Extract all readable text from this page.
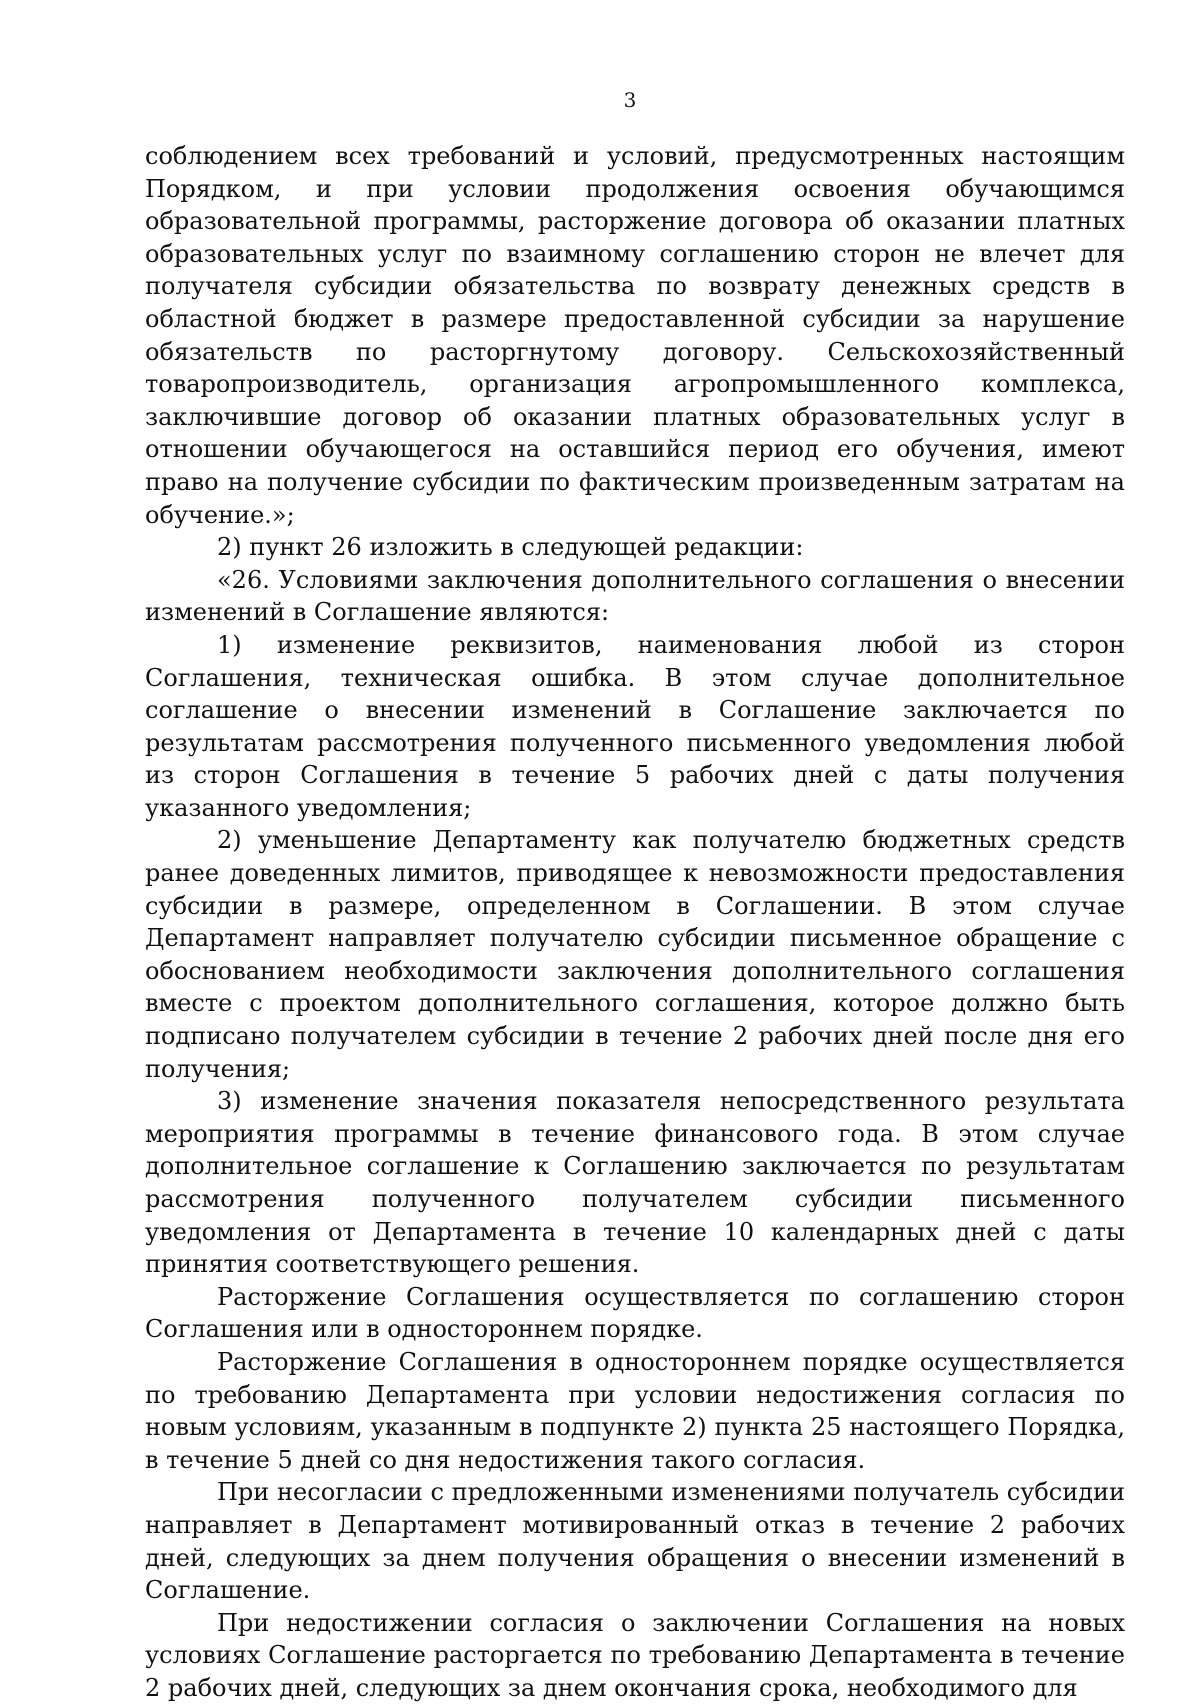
3

соблюдением всех требований и условий, предусмотренных настоящим Порядком, и при условии продолжения освоения обучающимся образовательной программы, расторжение договора об оказании платных образовательных услуг по взаимному соглашению сторон не влечет для получателя субсидии обязательства по возврату денежных средств в областной бюджет в размере предоставленной субсидии за нарушение обязательств по расторгнутому договору. Сельскохозяйственный товаропроизводитель, организация агропромышленного комплекса, заключившие договор об оказании платных образовательных услуг в отношении обучающегося на оставшийся период его обучения, имеют право на получение субсидии по фактическим произведенным затратам на обучение.»;

2) пункт 26 изложить в следующей редакции:

«26. Условиями заключения дополнительного соглашения о внесении изменений в Соглашение являются:

1) изменение реквизитов, наименования любой из сторон Соглашения, техническая ошибка. В этом случае дополнительное соглашение о внесении изменений в Соглашение заключается по результатам рассмотрения полученного письменного уведомления любой из сторон Соглашения в течение 5 рабочих дней с даты получения указанного уведомления;

2) уменьшение Департаменту как получателю бюджетных средств ранее доведенных лимитов, приводящее к невозможности предоставления субсидии в размере, определенном в Соглашении. В этом случае Департамент направляет получателю субсидии письменное обращение с обоснованием необходимости заключения дополнительного соглашения вместе с проектом дополнительного соглашения, которое должно быть подписано получателем субсидии в течение 2 рабочих дней после дня его получения;

3) изменение значения показателя непосредственного результата мероприятия программы в течение финансового года. В этом случае дополнительное соглашение к Соглашению заключается по результатам рассмотрения полученного получателем субсидии письменного уведомления от Департамента в течение 10 календарных дней с даты принятия соответствующего решения.

Расторжение Соглашения осуществляется по соглашению сторон Соглашения или в одностороннем порядке.

Расторжение Соглашения в одностороннем порядке осуществляется по требованию Департамента при условии недостижения согласия по новым условиям, указанным в подпункте 2) пункта 25 настоящего Порядка, в течение 5 дней со дня недостижения такого согласия.

При несогласии с предложенными изменениями получатель субсидии направляет в Департамент мотивированный отказ в течение 2 рабочих дней, следующих за днем получения обращения о внесении изменений в Соглашение.

При недостижении согласия о заключении Соглашения на новых условиях Соглашение расторгается по требованию Департамента в течение 2 рабочих дней, следующих за днем окончания срока, необходимого для
